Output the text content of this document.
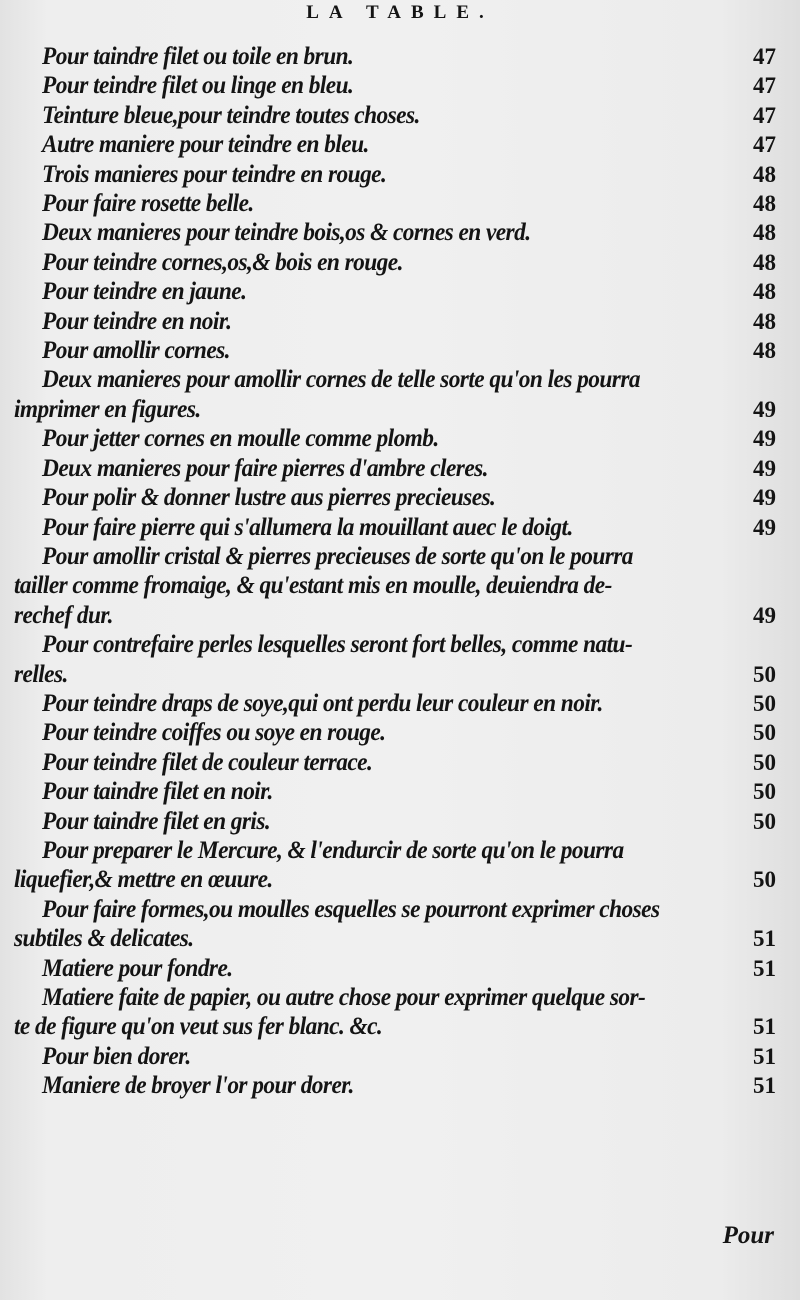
LA TABLE.
Pour taindre filet ou toile en brun.	47
Pour teindre filet ou linge en bleu.	47
Teinture bleue,pour teindre toutes choses.	47
Autre maniere pour teindre en bleu.	47
Trois manieres pour teindre en rouge.	48
Pour faire rosette belle.	48
Deux manieres pour teindre bois,os & cornes en verd.	48
Pour teindre cornes,os,& bois en rouge.	48
Pour teindre en jaune.	48
Pour teindre en noir.	48
Pour amollir cornes.	48
Deux manieres pour amollir cornes de telle sorte qu'on les pourra
imprimer en figures.	49
Pour jetter cornes en moulle comme plomb.	49
Deux manieres pour faire pierres d'ambre cleres.	49
Pour polir & donner lustre aus pierres precieuses.	49
Pour faire pierre qui s'allumera la mouillant auec le doigt.	49
Pour amollir cristal & pierres precieuses de sorte qu'on le pourra
tailler comme fromaige, & qu'estant mis en moulle, deuiendra de-
rechef dur.	49
Pour contrefaire perles lesquelles seront fort belles, comme natu-
relles.	50
Pour teindre draps de soye,qui ont perdu leur couleur en noir.	50
Pour teindre coiffes ou soye en rouge.	50
Pour teindre filet de couleur terrace.	50
Pour taindre filet en noir.	50
Pour taindre filet en gris.	50
Pour preparer le Mercure, & l'endurcir de sorte qu'on le pourra
liquefier,& mettre en œuure.	50
Pour faire formes,ou moulles esquelles se pourront exprimer choses
subtiles & delicates.	51
Matiere pour fondre.	51
Matiere faite de papier, ou autre chose pour exprimer quelque sor-
te de figure qu'on veut sus fer blanc. &c.	51
Pour bien dorer.	51
Maniere de broyer l'or pour dorer.	51
Pour
